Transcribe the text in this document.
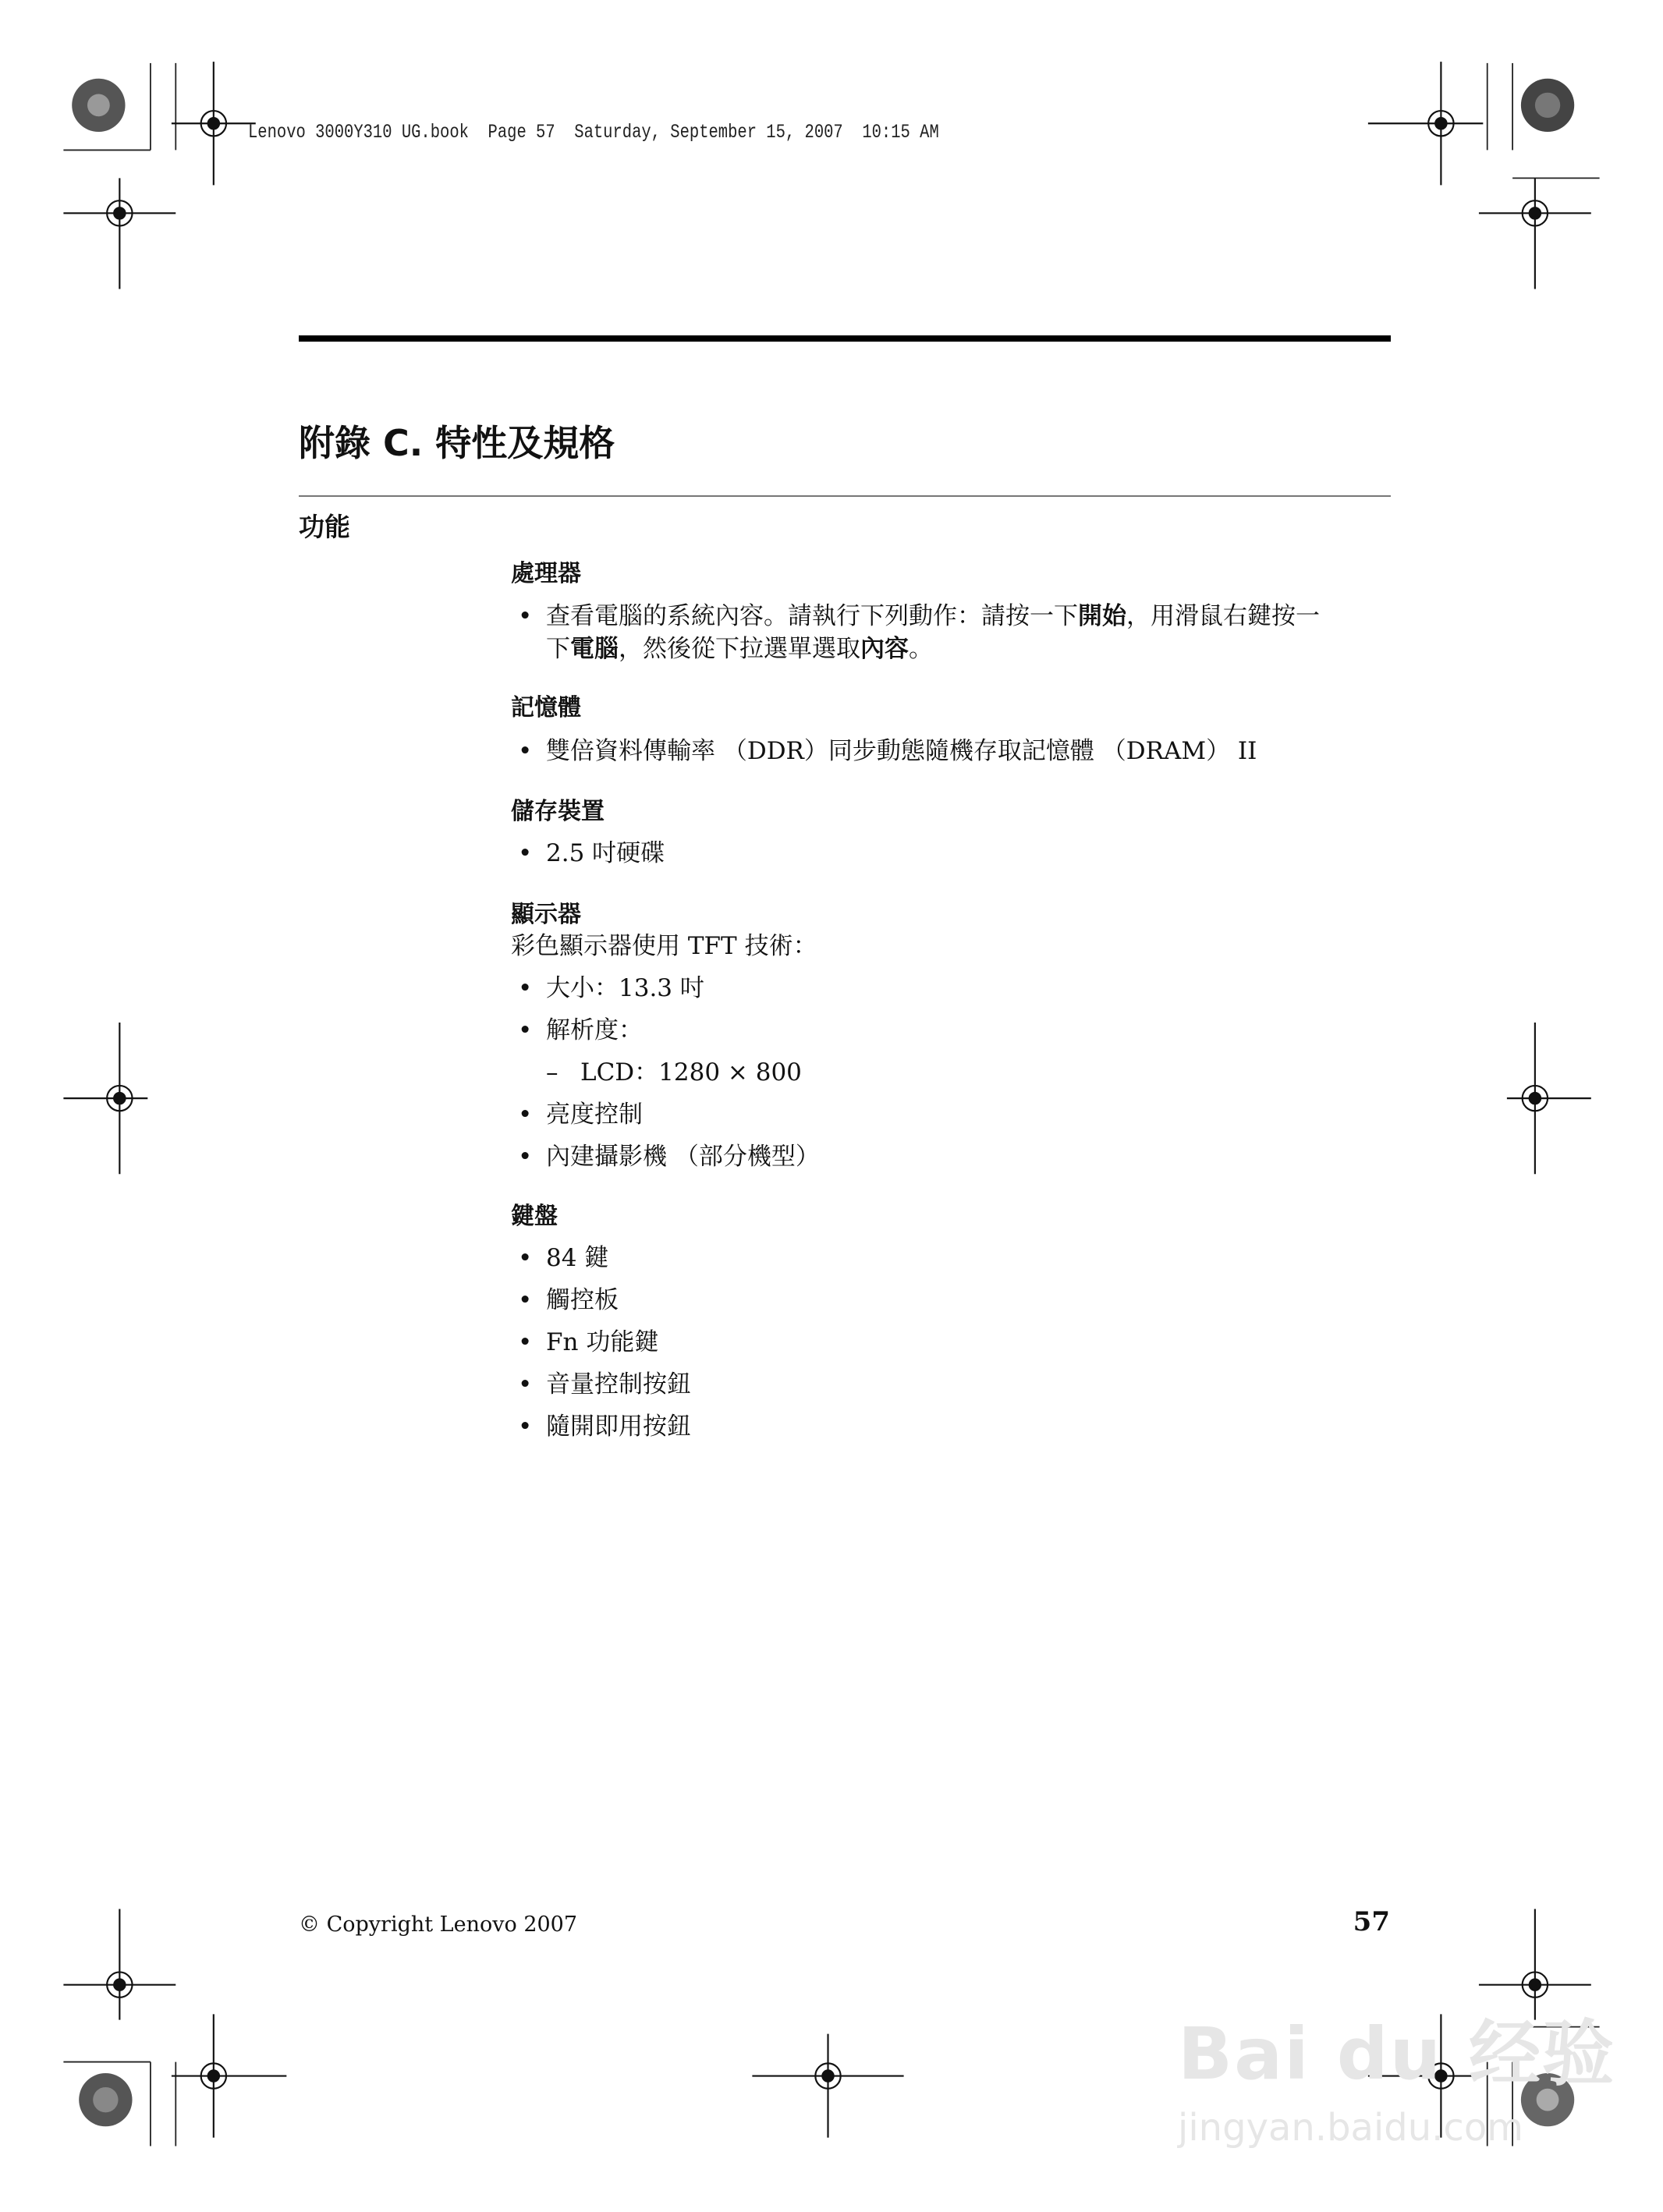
Lenovo 3000Y310 UG.book  Page 57  Saturday, September 15, 2007  10:15 AM
附錄 C. 特性及規格
功能
處理器
• 查看電腦的系統內容。請執行下列動作：請按一下開始，用滑鼠右鍵按一
下電腦，然後從下拉選單選取內容。
記憶體
• 雙倍資料傳輸率 （DDR）同步動態隨機存取記憶體 （DRAM） II
儲存裝置
• 2.5 吋硬碟
顯示器
彩色顯示器使用 TFT 技術：
• 大小：13.3 吋
• 解析度：
– LCD：1280 × 800
• 亮度控制
• 內建攝影機 （部分機型）
鍵盤
• 84 鍵
• 觸控板
• Fn 功能鍵
• 音量控制按鈕
• 隨開即用按鈕
© Copyright Lenovo 2007	57
Bai du 经验
jingyan.baidu.com
